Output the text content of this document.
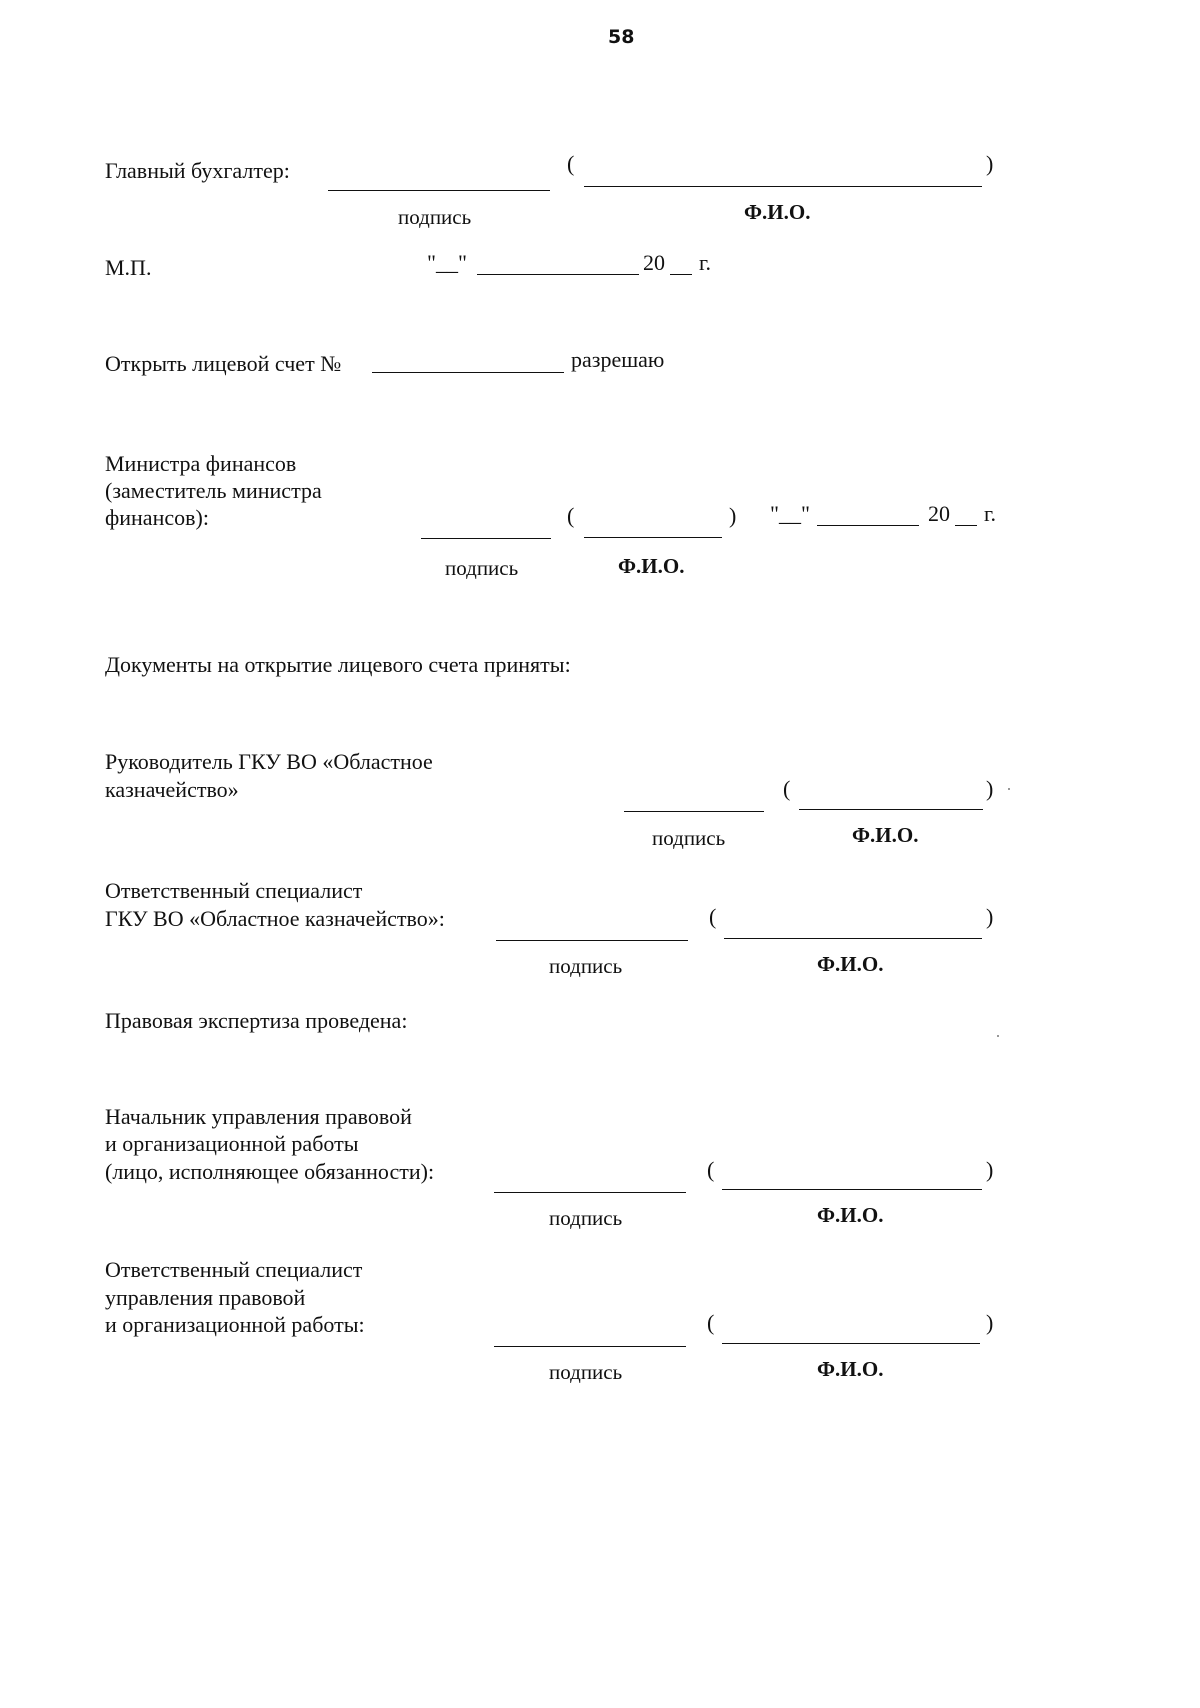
58
Главный бухгалтер:	(	)
подпись	Ф.И.О.
М.П.	"__"	20 г.
Открыть лицевой счет №	разрешаю
Министра финансов
(заместитель министра
финансов):	(	) "__"	20 г.
подпись	Ф.И.О.
Документы на открытие лицевого счета приняты:
Руководитель ГКУ ВО «Областное
казначейство»	(	)
подпись	Ф.И.О.
Ответственный специалист
ГКУ ВО «Областное казначейство»:	(	)
подпись	Ф.И.О.
Правовая экспертиза проведена:
Начальник управления правовой
и организационной работы
(лицо, исполняющее обязанности):	(	)
подпись	Ф.И.О.
Ответственный специалист
управления правовой
и организационной работы:	(	)
подпись	Ф.И.О.
